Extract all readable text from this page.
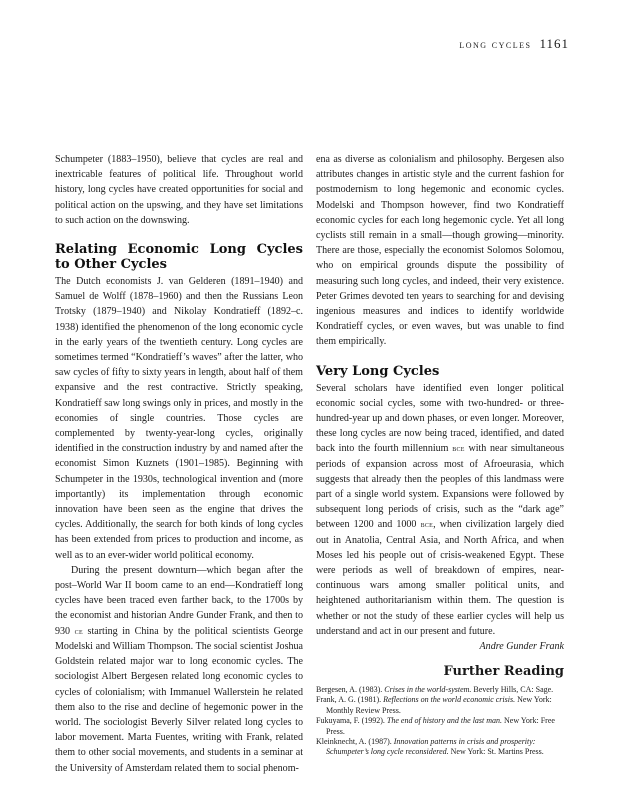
long cycles 1161

Schumpeter (1883–1950), believe that cycles are real and inextricable features of political life. Throughout world history, long cycles have created opportunities for social and political action on the upswing, and they have set limitations to such action on the downswing.

Relating Economic Long Cycles to Other Cycles

The Dutch economists J. van Gelderen (1891–1940) and Samuel de Wolff (1878–1960) and then the Russians Leon Trotsky (1879–1940) and Nikolay Kondratieff (1892–c. 1938) identified the phenomenon of the long economic cycle in the early years of the twentieth century. Long cycles are sometimes termed “Kondratieff’s waves” after the latter, who saw cycles of fifty to sixty years in length, about half of them expansive and the rest contractive. Strictly speaking, Kondratieff saw long swings only in prices, and mostly in the economies of single countries. Those cycles are complemented by twenty-year-long cycles, originally identified in the construction industry by and named after the economist Simon Kuznets (1901–1985). Beginning with Schumpeter in the 1930s, technological invention and (more importantly) its implementation through economic innovation have been seen as the engine that drives the cycles. Additionally, the search for both kinds of long cycles has been extended from prices to production and income, as well as to an ever-wider world political economy.

During the present downturn—which began after the post–World War II boom came to an end—Kondratieff long cycles have been traced even farther back, to the 1700s by the economist and historian Andre Gunder Frank, and then to 930 ce starting in China by the political scientists George Modelski and William Thompson. The social scientist Joshua Goldstein related major war to long economic cycles. The sociologist Albert Bergesen related long economic cycles to cycles of colonialism; with Immanuel Wallerstein he related them also to the rise and decline of hegemonic power in the world. The sociologist Beverly Silver related long cycles to labor movement. Marta Fuentes, writing with Frank, related them to other social movements, and students in a seminar at the University of Amsterdam related them to social phenom-

ena as diverse as colonialism and philosophy. Bergesen also attributes changes in artistic style and the current fashion for postmodernism to long hegemonic and economic cycles. Modelski and Thompson however, find two Kondratieff economic cycles for each long hegemonic cycle. Yet all long cyclists still remain in a small—though growing—minority. There are those, especially the economist Solomos Solomou, who on empirical grounds dispute the possibility of measuring such long cycles, and indeed, their very existence. Peter Grimes devoted ten years to searching for and devising ingenious measures and indices to identify worldwide Kondratieff cycles, or even waves, but was unable to find them empirically.

Very Long Cycles

Several scholars have identified even longer political economic social cycles, some with two-hundred- or three-hundred-year up and down phases, or even longer. Moreover, these long cycles are now being traced, identified, and dated back into the fourth millennium bce with near simultaneous periods of expansion across most of Afroeurasia, which suggests that already then the peoples of this landmass were part of a single world system. Expansions were followed by subsequent long periods of crisis, such as the “dark age” between 1200 and 1000 bce, when civilization largely died out in Anatolia, Central Asia, and North Africa, and when Moses led his people out of crisis-weakened Egypt. These were periods as well of breakdown of empires, near-continuous wars among smaller political units, and heightened authoritarianism within them. The question is whether or not the study of these earlier cycles will help us understand and act in our present and future.

Andre Gunder Frank

Further Reading

Bergesen, A. (1983). Crises in the world-system. Beverly Hills, CA: Sage.

Frank, A. G. (1981). Reflections on the world economic crisis. New York: Monthly Review Press.

Fukuyama, F. (1992). The end of history and the last man. New York: Free Press.

Kleinknecht, A. (1987). Innovation patterns in crisis and prosperity: Schumpeter’s long cycle reconsidered. New York: St. Martins Press.
